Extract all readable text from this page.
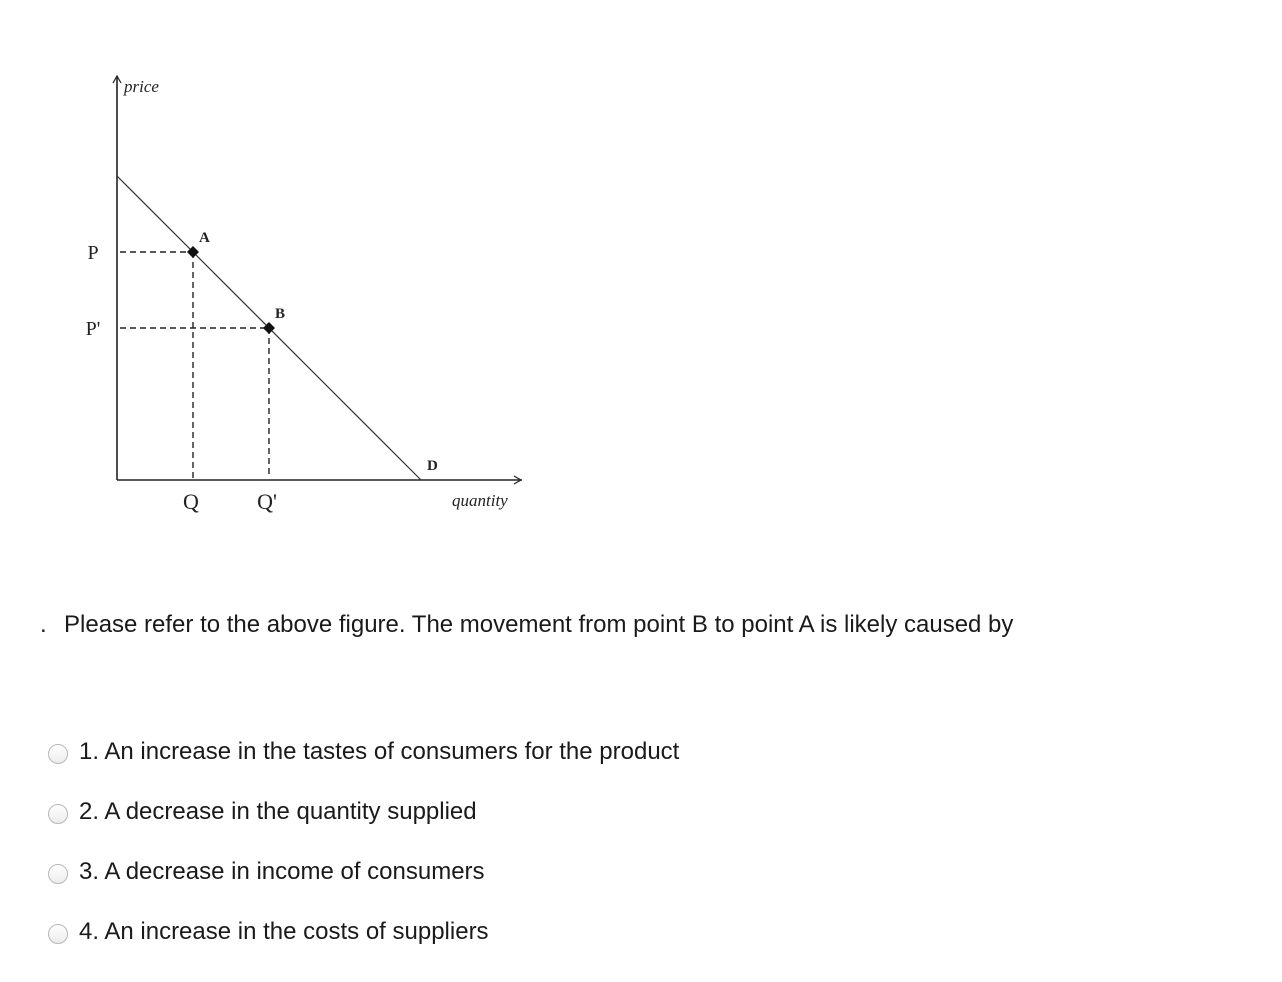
price
quantity
D
P
P'
Q	Q'
A
B
. Please refer to the above figure. The movement from point B to point A is likely caused by
1. An increase in the tastes of consumers for the product
2. A decrease in the quantity supplied
3. A decrease in income of consumers
4. An increase in the costs of suppliers
